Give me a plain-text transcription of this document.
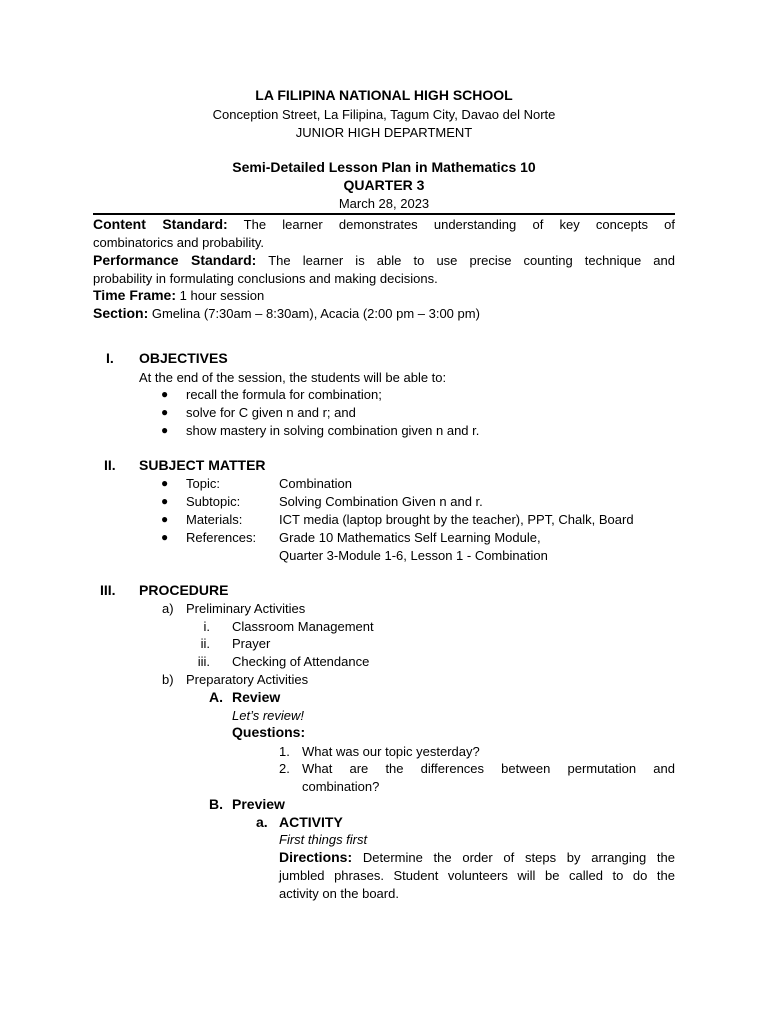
LA FILIPINA NATIONAL HIGH SCHOOL
Conception Street, La Filipina, Tagum City, Davao del Norte
JUNIOR HIGH DEPARTMENT
Semi-Detailed Lesson Plan in Mathematics 10
QUARTER 3
March 28, 2023
Content Standard: The learner demonstrates understanding of key concepts of
combinatorics and probability.
Performance Standard: The learner is able to use precise counting technique and
probability in formulating conclusions and making decisions.
Time Frame: 1 hour session
Section: Gmelina (7:30am – 8:30am), Acacia (2:00 pm – 3:00 pm)
I. OBJECTIVES
At the end of the session, the students will be able to:
● recall the formula for combination;
● solve for C given n and r; and
● show mastery in solving combination given n and r.
II. SUBJECT MATTER
● Topic:	Combination
● Subtopic:	Solving Combination Given n and r.
● Materials:	ICT media (laptop brought by the teacher), PPT, Chalk, Board
● References: Grade 10 Mathematics Self Learning Module,
Quarter 3-Module 1-6, Lesson 1 - Combination
III. PROCEDURE
a) Preliminary Activities
i. Classroom Management
ii. Prayer
iii. Checking of Attendance
b) Preparatory Activities
A. Review
Let’s review!
Questions:
1. What was our topic yesterday?
2. What are the differences between permutation and
combination?
B. Preview
a. ACTIVITY
First things first
Directions: Determine the order of steps by arranging the
jumbled phrases. Student volunteers will be called to do the
activity on the board.
